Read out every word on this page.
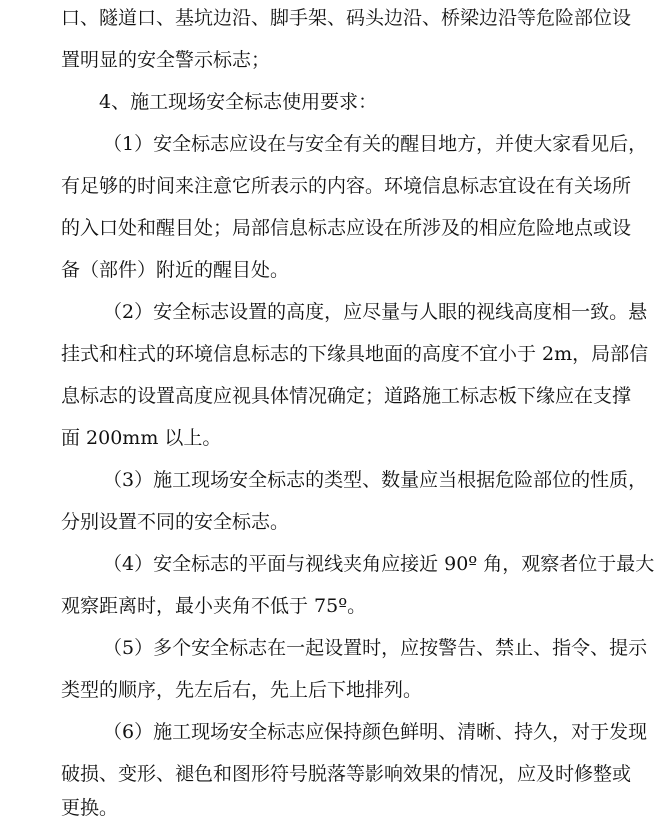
口、隧道口、基坑边沿、脚手架、码头边沿、桥梁边沿等危险部位设
置明显的安全警示标志；
4、施工现场安全标志使用要求：
（1）安全标志应设在与安全有关的醒目地方，并使大家看见后，
有足够的时间来注意它所表示的内容。环境信息标志宜设在有关场所
的入口处和醒目处；局部信息标志应设在所涉及的相应危险地点或设
备（部件）附近的醒目处。
（2）安全标志设置的高度，应尽量与人眼的视线高度相一致。悬
挂式和柱式的环境信息标志的下缘具地面的高度不宜小于 2m，局部信
息标志的设置高度应视具体情况确定；道路施工标志板下缘应在支撑
面 200mm 以上。
（3）施工现场安全标志的类型、数量应当根据危险部位的性质，
分别设置不同的安全标志。
（4）安全标志的平面与视线夹角应接近 90º 角，观察者位于最大
观察距离时，最小夹角不低于 75º。
（5）多个安全标志在一起设置时，应按警告、禁止、指令、提示
类型的顺序，先左后右，先上后下地排列。
（6）施工现场安全标志应保持颜色鲜明、清晰、持久，对于发现
破损、变形、褪色和图形符号脱落等影响效果的情况，应及时修整或
更换。
